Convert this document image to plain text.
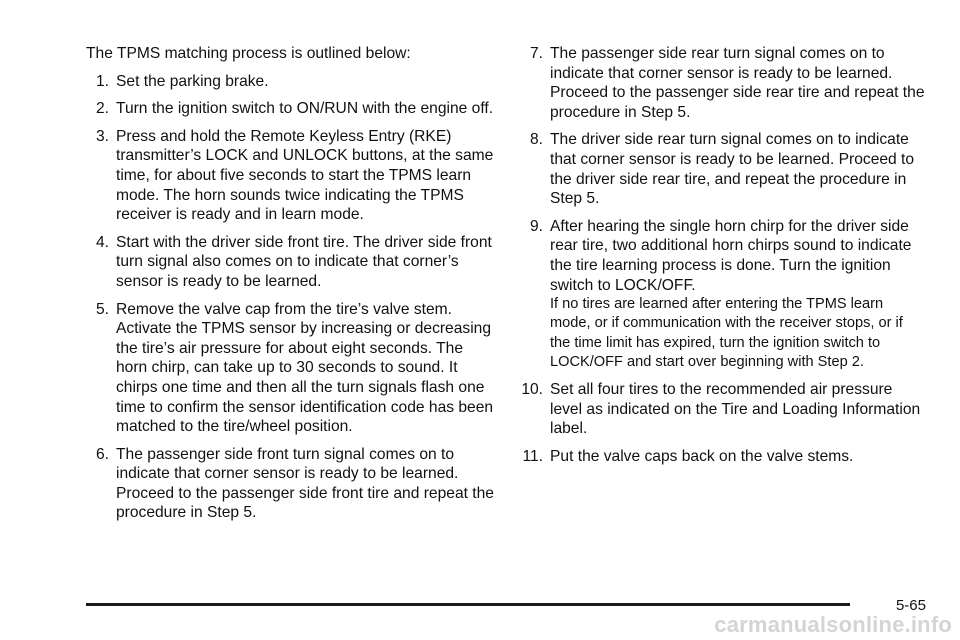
The TPMS matching process is outlined below:

1. Set the parking brake.

2. Turn the ignition switch to ON/RUN with the engine off.

3. Press and hold the Remote Keyless Entry (RKE) transmitter’s LOCK and UNLOCK buttons, at the same time, for about five seconds to start the TPMS learn mode. The horn sounds twice indicating the TPMS receiver is ready and in learn mode.

4. Start with the driver side front tire. The driver side front turn signal also comes on to indicate that corner’s sensor is ready to be learned.

5. Remove the valve cap from the tire’s valve stem. Activate the TPMS sensor by increasing or decreasing the tire’s air pressure for about eight seconds. The horn chirp, can take up to 30 seconds to sound. It chirps one time and then all the turn signals flash one time to confirm the sensor identification code has been matched to the tire/wheel position.

6. The passenger side front turn signal comes on to indicate that corner sensor is ready to be learned. Proceed to the passenger side front tire and repeat the procedure in Step 5.

7. The passenger side rear turn signal comes on to indicate that corner sensor is ready to be learned. Proceed to the passenger side rear tire and repeat the procedure in Step 5.

8. The driver side rear turn signal comes on to indicate that corner sensor is ready to be learned. Proceed to the driver side rear tire, and repeat the procedure in Step 5.

9. After hearing the single horn chirp for the driver side rear tire, two additional horn chirps sound to indicate the tire learning process is done. Turn the ignition switch to LOCK/OFF.

If no tires are learned after entering the TPMS learn mode, or if communication with the receiver stops, or if the time limit has expired, turn the ignition switch to LOCK/OFF and start over beginning with Step 2.

10. Set all four tires to the recommended air pressure level as indicated on the Tire and Loading Information label.

11. Put the valve caps back on the valve stems.

5-65
carmanualsonline.info
